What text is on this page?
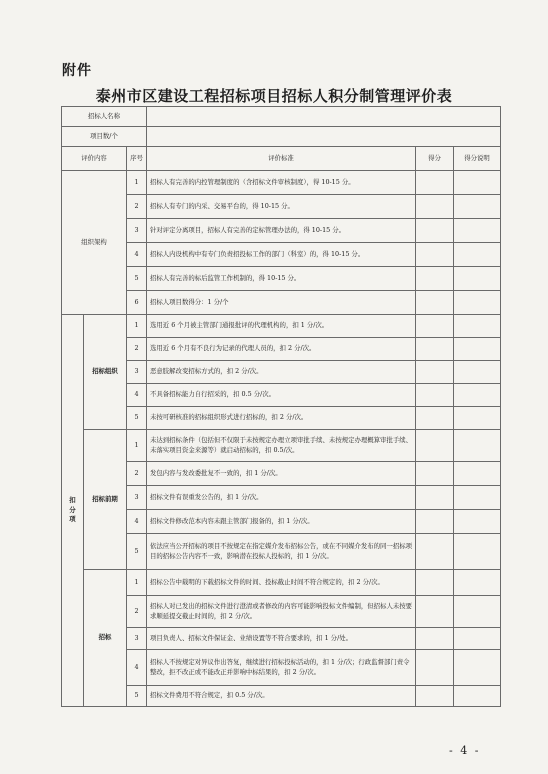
附件
泰州市区建设工程招标项目招标人积分制管理评价表
招标人名称					
项目数/个					
评价内容		序号	评价标准	得分	得分说明
组织架构		1	招标人有完善的内控管理制度的（含招标文件审核制度），得 10-15 分。		
		2	招标人有专门的内采、交易平台的，得 10-15 分。		
		3	针对评定分离项目，招标人有完善的定标管理办法的，得 10-15 分。		
		4	招标人内设机构中有专门负责招投标工作的部门（科室）的，得 10-15 分。		
		5	招标人有完善的标后监管工作机制的，得 10-15 分。		
		6	招标人项目数得分：1 分/个		
扣
分
项	招标组织	1	选用近 6 个月被主管部门通报批评的代理机构的，扣 1 分/次。		
		2	选用近 6 个月有不良行为记录的代理人员的，扣 2 分/次。		
		3	恶意肢解改变招标方式的，扣 2 分/次。		
		4	不具备招标能力自行招采的，扣 0.5 分/次。		
		5	未按可研核准的招标组织形式进行招标的，扣 2 分/次。		
	招标前期	1	未达到招标条件（包括但不仅限于未按规定办理立项审批手续、未按规定办理概算审批手续、未落实项目资金来源等）就启动招标的，扣 0.5/次。		
		2	发包内容与发改委批复不一致的，扣 1 分/次。		
		3	招标文件有误重发公告的，扣 1 分/次。		
		4	招标文件修改范本内容未跟主管部门报备的，扣 1 分/次。		
		5	依法应当公开招标的项目不按规定在指定媒介发布招标公告，或在不同媒介发布的同一招标项目的招标公告内容不一致，影响潜在投标人投标的，扣 1 分/次。		
	招标	1	招标公告中载明的下载招标文件的时间、投标截止时间不符合规定的，扣 2 分/次。		
		2	招标人对已发出的招标文件进行澄清或者修改的内容可能影响投标文件编制，但招标人未按要求顺延提交截止时间的，扣 2 分/次。		
		3	项目负责人、招标文件保证金、业绩设置等不符合要求的，扣 1 分/处。		
		4	招标人不按规定对异议作出答复，继续进行招标投标活动的，扣 1 分/次；行政监督部门责令整改，拒不改正或不能改正并影响中标结果的，扣 2 分/次。		
		5	招标文件费用不符合规定，扣 0.5 分/次。		
- 4 -
